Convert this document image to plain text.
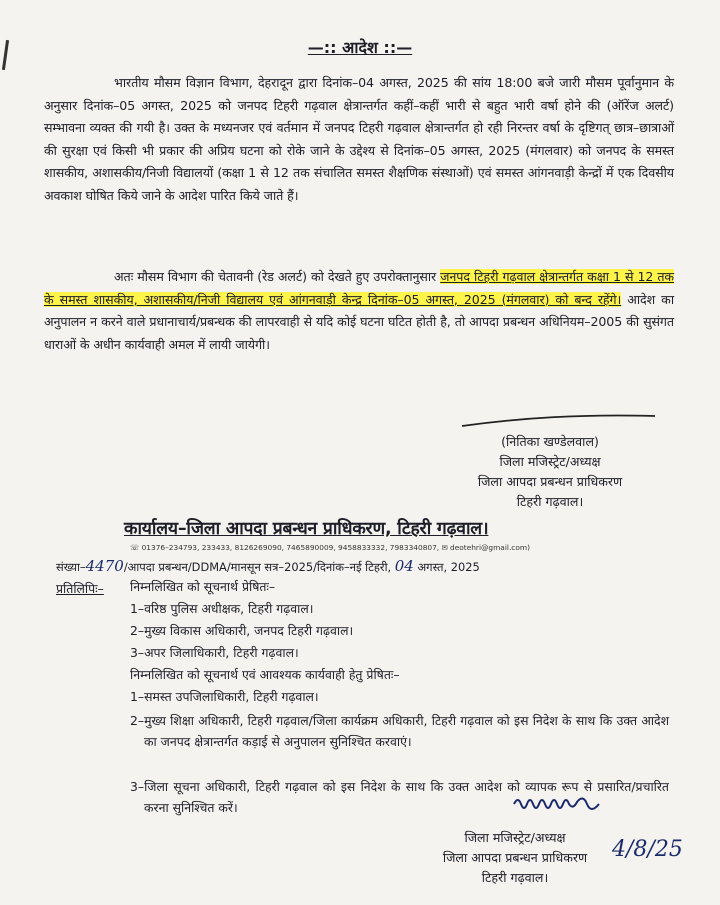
—:: आदेश ::—
भारतीय मौसम विज्ञान विभाग, देहरादून द्वारा दिनांक–04 अगस्त, 2025 की सांय 18:00 बजे जारी मौसम पूर्वानुमान के अनुसार दिनांक–05 अगस्त, 2025 को जनपद टिहरी गढ़वाल क्षेत्रान्तर्गत कहीं–कहीं भारी से बहुत भारी वर्षा होने की (ऑरेंज अलर्ट) सम्भावना व्यक्त की गयी है। उक्त के मध्यनजर एवं वर्तमान में जनपद टिहरी गढ़वाल क्षेत्रान्तर्गत हो रही निरन्तर वर्षा के दृष्टिगत् छात्र–छात्राओं की सुरक्षा एवं किसी भी प्रकार की अप्रिय घटना को रोके जाने के उद्देश्य से दिनांक–05 अगस्त, 2025 (मंगलवार) को जनपद के समस्त शासकीय, अशासकीय/निजी विद्यालयों (कक्षा 1 से 12 तक संचालित समस्त शैक्षणिक संस्थाओं) एवं समस्त आंगनवाड़ी केन्द्रों में एक दिवसीय अवकाश घोषित किये जाने के आदेश पारित किये जाते हैं।
अतः मौसम विभाग की चेतावनी (रेड अलर्ट) को देखते हुए उपरोक्तानुसार जनपद टिहरी गढ़वाल क्षेत्रान्तर्गत कक्षा 1 से 12 तक के समस्त शासकीय, अशासकीय/निजी विद्यालय एवं आंगनवाड़ी केन्द्र दिनांक–05 अगस्त, 2025 (मंगलवार) को बन्द रहेंगे। आदेश का अनुपालन न करने वाले प्रधानाचार्य/प्रबन्धक की लापरवाही से यदि कोई घटना घटित होती है, तो आपदा प्रबन्धन अधिनियम–2005 की सुसंगत धाराओं के अधीन कार्यवाही अमल में लायी जायेगी।
(नितिका खण्डेलवाल)
जिला मजिस्ट्रेट/अध्यक्ष
जिला आपदा प्रबन्धन प्राधिकरण
टिहरी गढ़वाल।
कार्यालय–जिला आपदा प्रबन्धन प्राधिकरण, टिहरी गढ़वाल।
☏ 01376–234793, 233433, 8126269090, 7465890009, 9458833332, 7983340807, ✉ deotehri@gmail.com)
संख्या–4470/आपदा प्रबन्धन/DDMA/मानसून सत्र–2025/दिनांक–नई टिहरी, 04 अगस्त, 2025
प्रतिलिपिः– निम्नलिखित को सूचनार्थ प्रेषितः–
1–वरिष्ठ पुलिस अधीक्षक, टिहरी गढ़वाल।
2–मुख्य विकास अधिकारी, जनपद टिहरी गढ़वाल।
3–अपर जिलाधिकारी, टिहरी गढ़वाल।
निम्नलिखित को सूचनार्थ एवं आवश्यक कार्यवाही हेतु प्रेषितः–
1–समस्त उपजिलाधिकारी, टिहरी गढ़वाल।
2–मुख्य शिक्षा अधिकारी, टिहरी गढ़वाल/जिला कार्यक्रम अधिकारी, टिहरी गढ़वाल को इस निदेश के साथ कि उक्त आदेश का जनपद क्षेत्रान्तर्गत कड़ाई से अनुपालन सुनिश्चित करवाएं।
3–जिला सूचना अधिकारी, टिहरी गढ़वाल को इस निदेश के साथ कि उक्त आदेश को व्यापक रूप से प्रसारित/प्रचारित करना सुनिश्चित करें।
4/8/25
जिला मजिस्ट्रेट/अध्यक्ष
जिला आपदा प्रबन्धन प्राधिकरण
टिहरी गढ़वाल।
